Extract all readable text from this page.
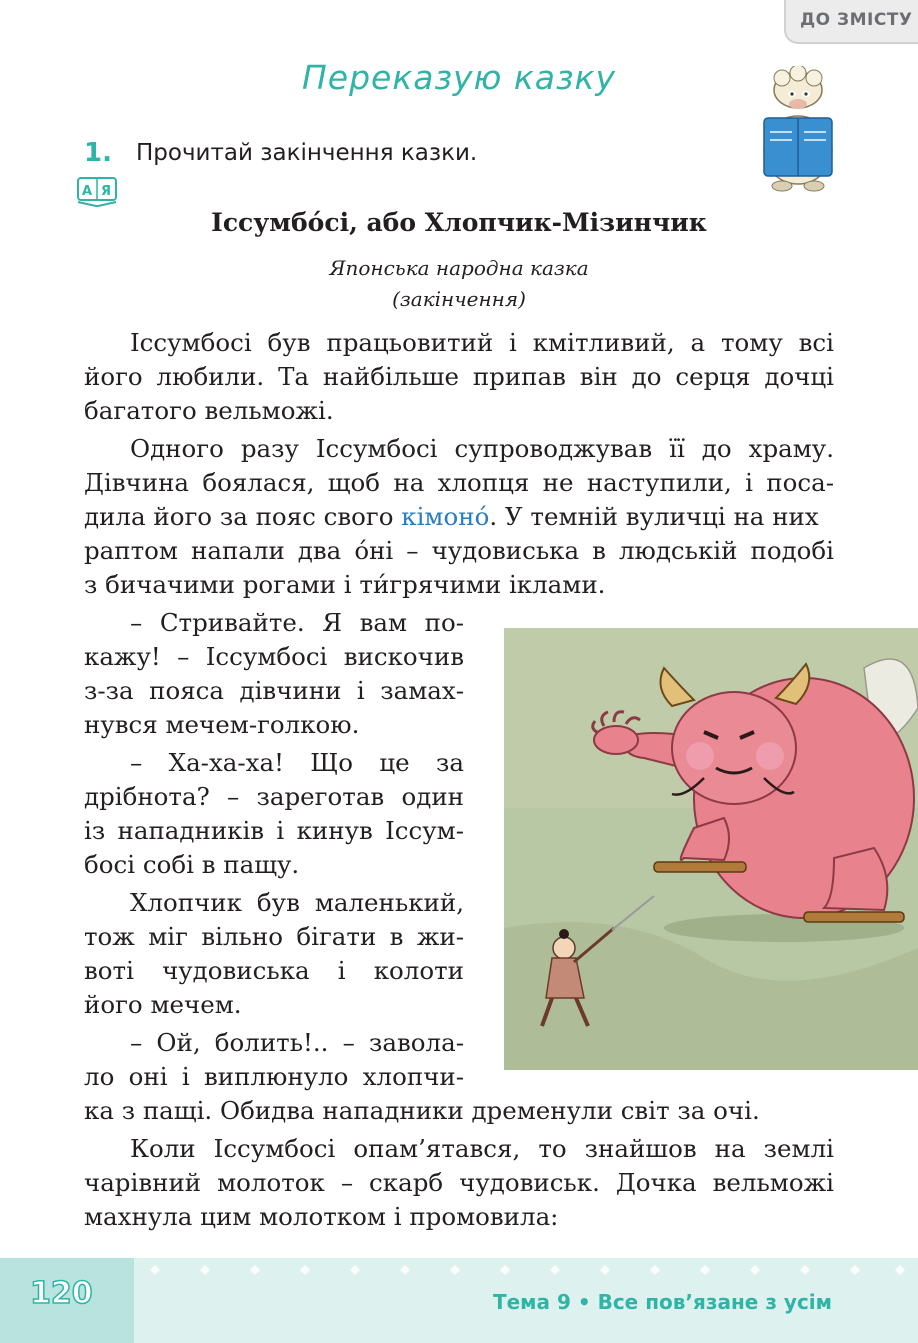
ДО ЗМІСТУ
Переказую казку
1. Прочитай закінчення казки.
А Я
Іссумбо́сі, або Хлопчик-Мізинчик
Японська народна казка
(закінчення)

Іссумбосі був працьовитий і кмітливий, а тому всі

його любили. Та найбільше припав він до серця дочці

багатого вельможі.

Одного разу Іссумбосі супроводжував її до храму.

Дівчина боялася, щоб на хлопця не наступили, і поса-

дила його за пояс свого кімоно́. У темній вуличці на них

раптом напали два о́ні – чудовиська в людській подобі

з бичачими рогами і ти́грячими іклами.

– Стривайте. Я вам по-

кажу! – Іссумбосі вискочив

з-за пояса дівчини і замах-

нувся мечем-голкою.

– Ха-ха-ха! Що це за

дрібнота? – зареготав один

із нападників і кинув Іссум-

босі собі в пащу.

Хлопчик був маленький,

тож міг вільно бігати в жи-

воті чудовиська і колоти

його мечем.

– Ой, болить!.. – завола-

ло оні і виплюнуло хлопчи-

ка з пащі. Обидва нападники дременули світ за очі.

Коли Іссумбосі опам’ятався, то знайшов на землі

чарівний молоток – скарб чудовиськ. Дочка вельможі

махнула цим молотком і промовила:

120	Тема 9 • Все пов’язане з усім
